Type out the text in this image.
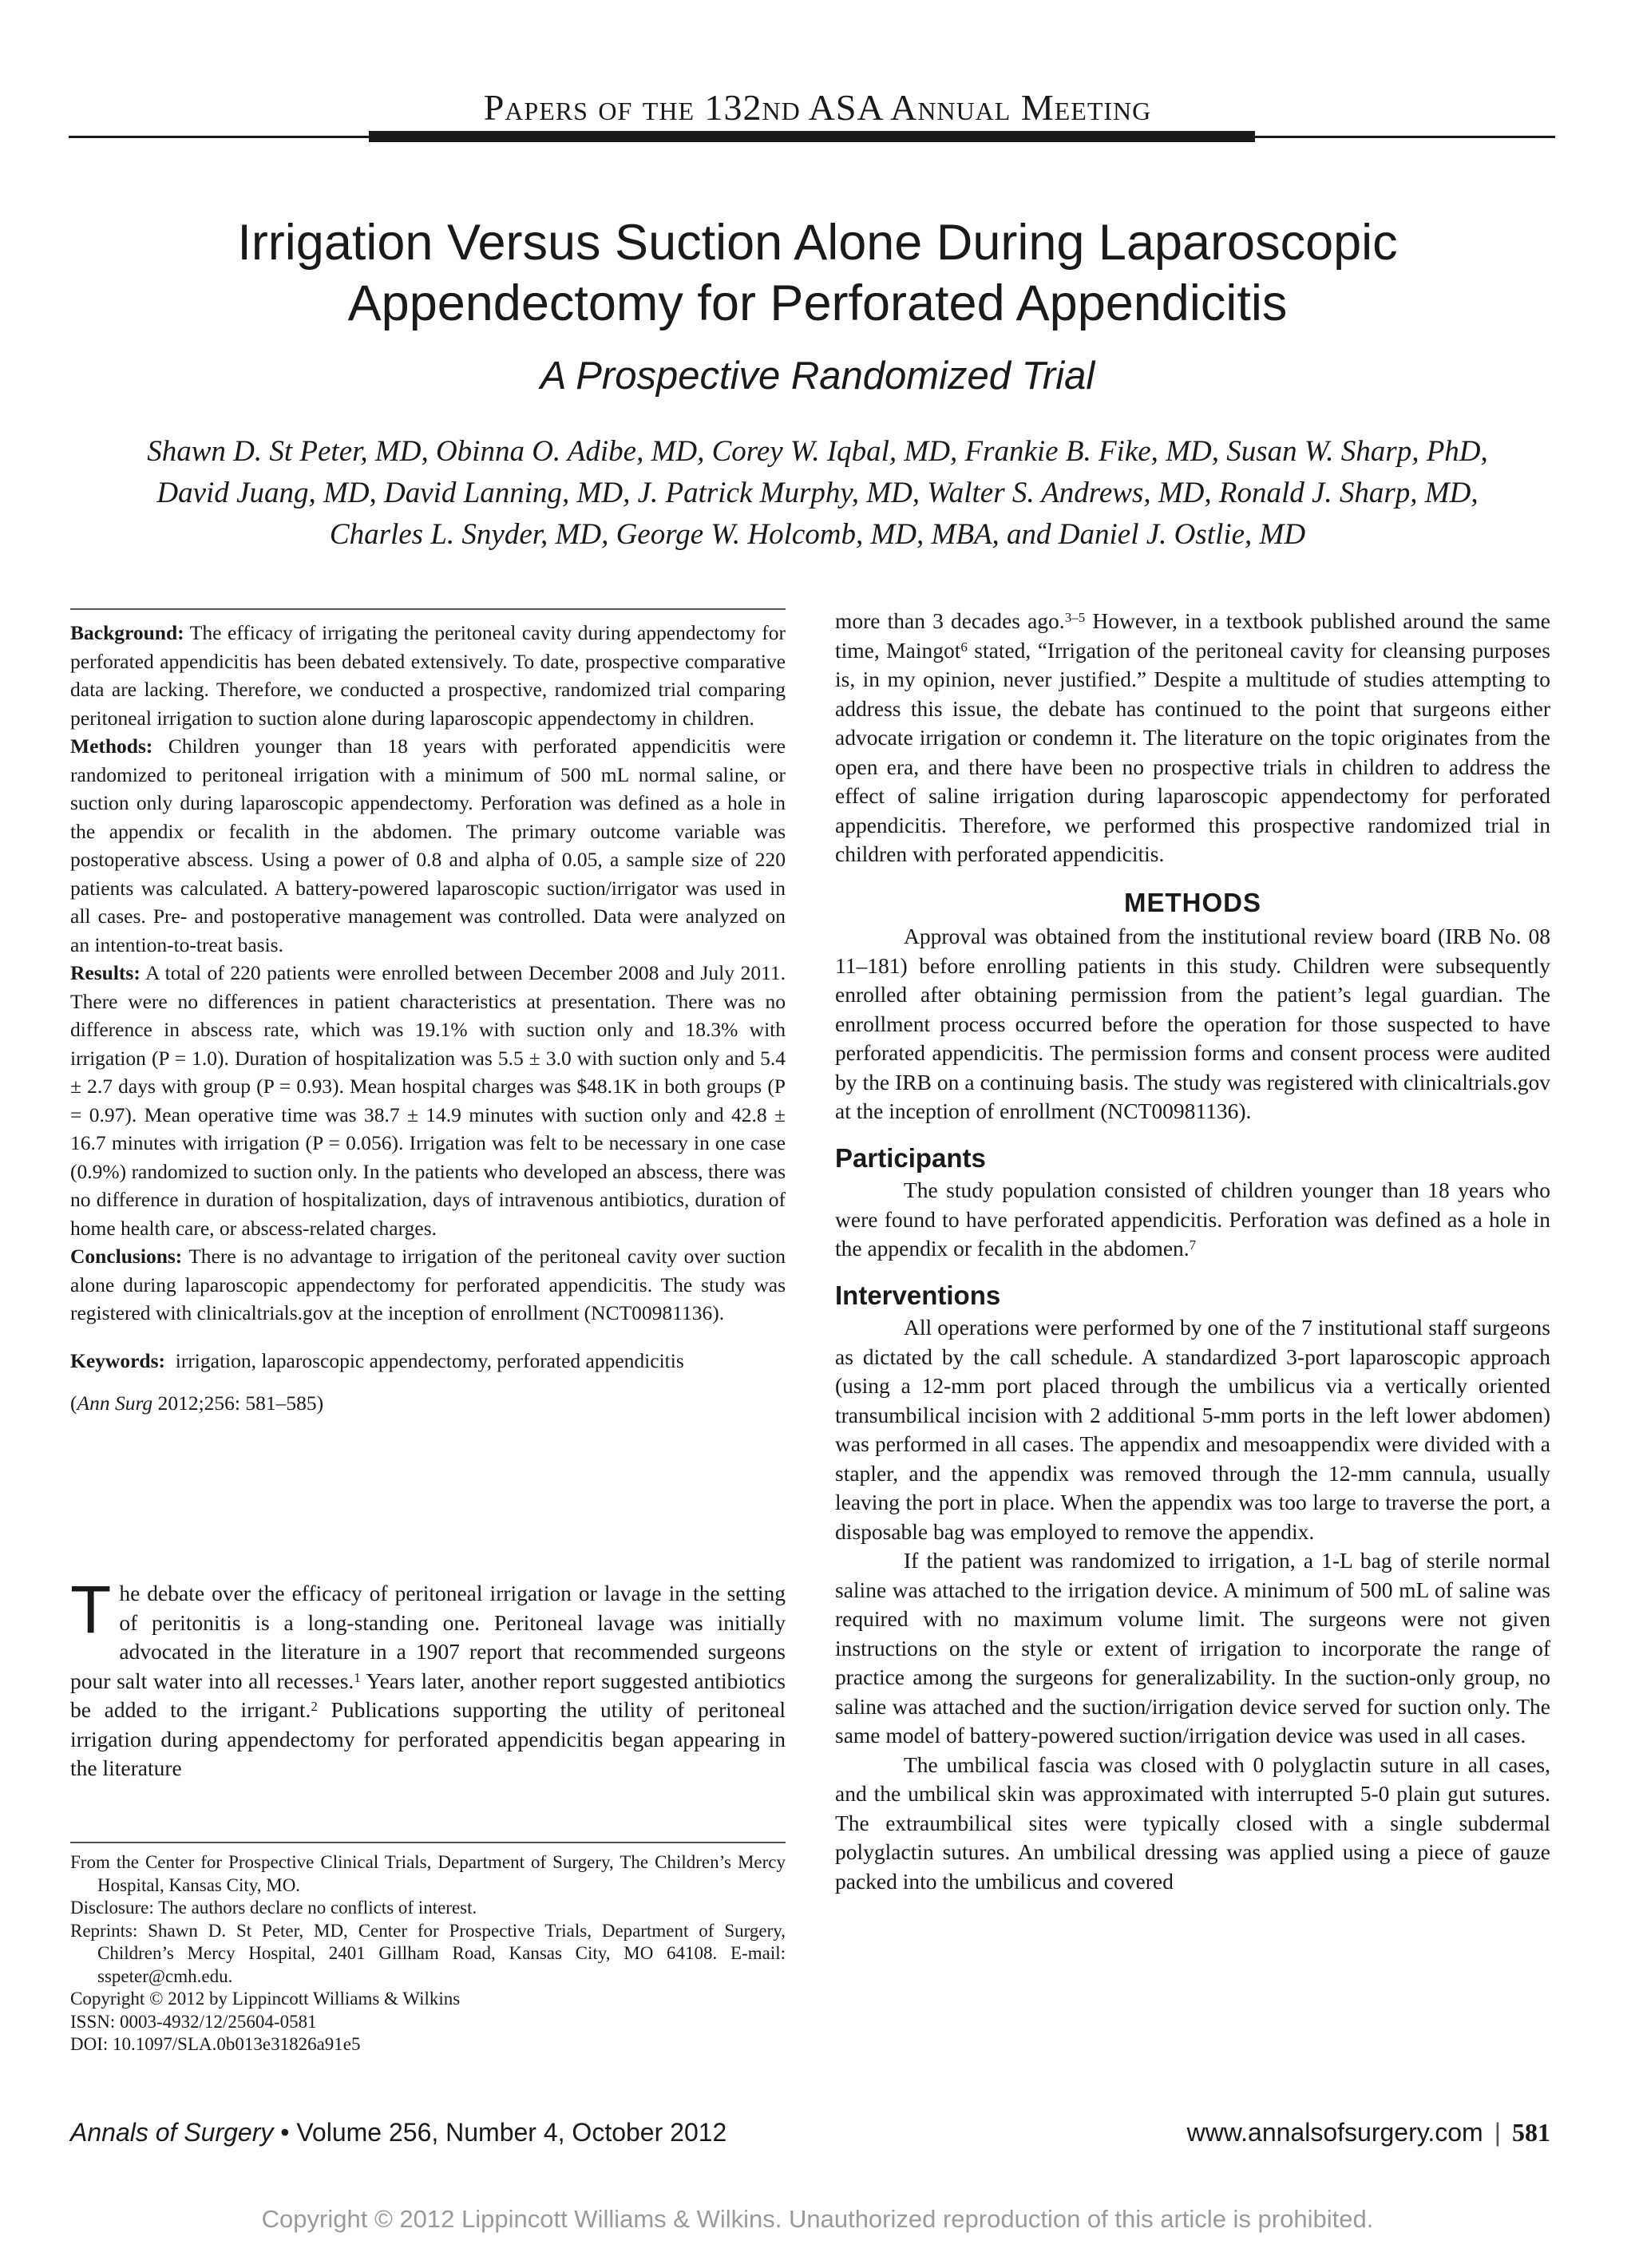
Papers of the 132nd ASA Annual Meeting
Irrigation Versus Suction Alone During Laparoscopic
Appendectomy for Perforated Appendicitis
A Prospective Randomized Trial
Shawn D. St Peter, MD, Obinna O. Adibe, MD, Corey W. Iqbal, MD, Frankie B. Fike, MD, Susan W. Sharp, PhD,
David Juang, MD, David Lanning, MD, J. Patrick Murphy, MD, Walter S. Andrews, MD, Ronald J. Sharp, MD,
Charles L. Snyder, MD, George W. Holcomb, MD, MBA, and Daniel J. Ostlie, MD

Background: The efficacy of irrigating the peritoneal cavity during appendectomy for perforated appendicitis has been debated extensively. To date, prospective comparative data are lacking. Therefore, we conducted a prospective, randomized trial comparing peritoneal irrigation to suction alone during laparoscopic appendectomy in children.

Methods: Children younger than 18 years with perforated appendicitis were randomized to peritoneal irrigation with a minimum of 500 mL normal saline, or suction only during laparoscopic appendectomy. Perforation was defined as a hole in the appendix or fecalith in the abdomen. The primary outcome variable was postoperative abscess. Using a power of 0.8 and alpha of 0.05, a sample size of 220 patients was calculated. A battery-powered laparoscopic suction/irrigator was used in all cases. Pre- and postoperative management was controlled. Data were analyzed on an intention-to-treat basis.

Results: A total of 220 patients were enrolled between December 2008 and July 2011. There were no differences in patient characteristics at presentation. There was no difference in abscess rate, which was 19.1% with suction only and 18.3% with irrigation (P = 1.0). Duration of hospitalization was 5.5 ± 3.0 with suction only and 5.4 ± 2.7 days with group (P = 0.93). Mean hospital charges was $48.1K in both groups (P = 0.97). Mean operative time was 38.7 ± 14.9 minutes with suction only and 42.8 ± 16.7 minutes with irrigation (P = 0.056). Irrigation was felt to be necessary in one case (0.9%) randomized to suction only. In the patients who developed an abscess, there was no difference in duration of hospitalization, days of intravenous antibiotics, duration of home health care, or abscess-related charges.

Conclusions: There is no advantage to irrigation of the peritoneal cavity over suction alone during laparoscopic appendectomy for perforated appendicitis. The study was registered with clinicaltrials.gov at the inception of enrollment (NCT00981136).

Keywords: irrigation, laparoscopic appendectomy, perforated appendicitis

(Ann Surg 2012;256: 581–585)

The debate over the efficacy of peritoneal irrigation or lavage in the setting of peritonitis is a long-standing one. Peritoneal lavage was initially advocated in the literature in a 1907 report that recommended surgeons pour salt water into all recesses.$^1$ Years later, another report suggested antibiotics be added to the irrigant.$^2$ Publications supporting the utility of peritoneal irrigation during appendectomy for perforated appendicitis began appearing in the literature

From the Center for Prospective Clinical Trials, Department of Surgery, The Children’s Mercy Hospital, Kansas City, MO.

Disclosure: The authors declare no conflicts of interest.

Reprints: Shawn D. St Peter, MD, Center for Prospective Trials, Department of Surgery, Children’s Mercy Hospital, 2401 Gillham Road, Kansas City, MO 64108. E-mail: sspeter@cmh.edu.

Copyright © 2012 by Lippincott Williams & Wilkins

ISSN: 0003-4932/12/25604-0581

DOI: 10.1097/SLA.0b013e31826a91e5

more than 3 decades ago.$^{3-5}$ However, in a textbook published around the same time, Maingot$^6$ stated, “Irrigation of the peritoneal cavity for cleansing purposes is, in my opinion, never justified.” Despite a multitude of studies attempting to address this issue, the debate has continued to the point that surgeons either advocate irrigation or condemn it. The literature on the topic originates from the open era, and there have been no prospective trials in children to address the effect of saline irrigation during laparoscopic appendectomy for perforated appendicitis. Therefore, we performed this prospective randomized trial in children with perforated appendicitis.

METHODS

Approval was obtained from the institutional review board (IRB No. 08 11–181) before enrolling patients in this study. Children were subsequently enrolled after obtaining permission from the patient’s legal guardian. The enrollment process occurred before the operation for those suspected to have perforated appendicitis. The permission forms and consent process were audited by the IRB on a continuing basis. The study was registered with clinicaltrials.gov at the inception of enrollment (NCT00981136).

Participants

The study population consisted of children younger than 18 years who were found to have perforated appendicitis. Perforation was defined as a hole in the appendix or fecalith in the abdomen.$^7$

Interventions

All operations were performed by one of the 7 institutional staff surgeons as dictated by the call schedule. A standardized 3-port laparoscopic approach (using a 12-mm port placed through the umbilicus via a vertically oriented transumbilical incision with 2 additional 5-mm ports in the left lower abdomen) was performed in all cases. The appendix and mesoappendix were divided with a stapler, and the appendix was removed through the 12-mm cannula, usually leaving the port in place. When the appendix was too large to traverse the port, a disposable bag was employed to remove the appendix.

If the patient was randomized to irrigation, a 1-L bag of sterile normal saline was attached to the irrigation device. A minimum of 500 mL of saline was required with no maximum volume limit. The surgeons were not given instructions on the style or extent of irrigation to incorporate the range of practice among the surgeons for generalizability. In the suction-only group, no saline was attached and the suction/irrigation device served for suction only. The same model of battery-powered suction/irrigation device was used in all cases.

The umbilical fascia was closed with 0 polyglactin suture in all cases, and the umbilical skin was approximated with interrupted 5-0 plain gut sutures. The extraumbilical sites were typically closed with a single subdermal polyglactin sutures. An umbilical dressing was applied using a piece of gauze packed into the umbilicus and covered

Annals of Surgery • Volume 256, Number 4, October 2012	www.annalsofsurgery.com | 581
Copyright © 2012 Lippincott Williams & Wilkins. Unauthorized reproduction of this article is prohibited.
